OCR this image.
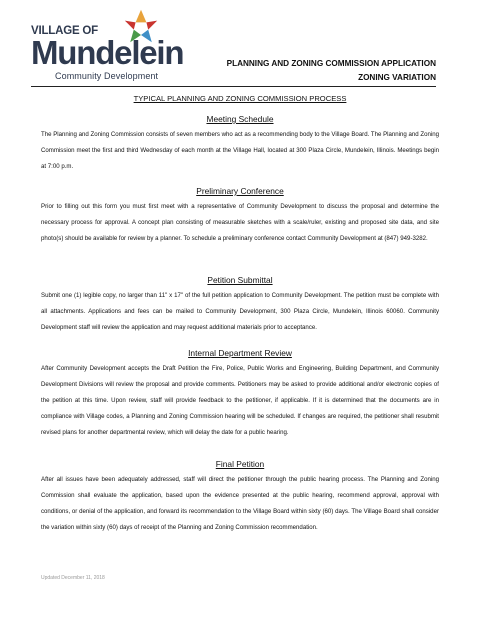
VILLAGE OF
Mundelein
Community Development
PLANNING AND ZONING COMMISSION APPLICATION
ZONING VARIATION
TYPICAL PLANNING AND ZONING COMMISSION PROCESS
Meeting Schedule
The Planning and Zoning Commission consists of seven members who act as a recommending body to the Village Board. The Planning and Zoning Commission meet the first and third Wednesday of each month at the Village Hall, located at 300 Plaza Circle, Mundelein, Illinois. Meetings begin at 7:00 p.m.
Preliminary Conference
Prior to filling out this form you must first meet with a representative of Community Development to discuss the proposal and determine the necessary process for approval. A concept plan consisting of measurable sketches with a scale/ruler, existing and proposed site data, and site photo(s) should be available for review by a planner. To schedule a preliminary conference contact Community Development at (847) 949-3282.
Petition Submittal
Submit one (1) legible copy, no larger than 11" x 17" of the full petition application to Community Development. The petition must be complete with all attachments. Applications and fees can be mailed to Community Development, 300 Plaza Circle, Mundelein, Illinois 60060. Community Development staff will review the application and may request additional materials prior to acceptance.
Internal Department Review
After Community Development accepts the Draft Petition the Fire, Police, Public Works and Engineering, Building Department, and Community Development Divisions will review the proposal and provide comments. Petitioners may be asked to provide additional and/or electronic copies of the petition at this time. Upon review, staff will provide feedback to the petitioner, if applicable. If it is determined that the documents are in compliance with Village codes, a Planning and Zoning Commission hearing will be scheduled. If changes are required, the petitioner shall resubmit revised plans for another departmental review, which will delay the date for a public hearing.
Final Petition
After all issues have been adequately addressed, staff will direct the petitioner through the public hearing process. The Planning and Zoning Commission shall evaluate the application, based upon the evidence presented at the public hearing, recommend approval, approval with conditions, or denial of the application, and forward its recommendation to the Village Board within sixty (60) days. The Village Board shall consider the variation within sixty (60) days of receipt of the Planning and Zoning Commission recommendation.
Updated December 11, 2018
